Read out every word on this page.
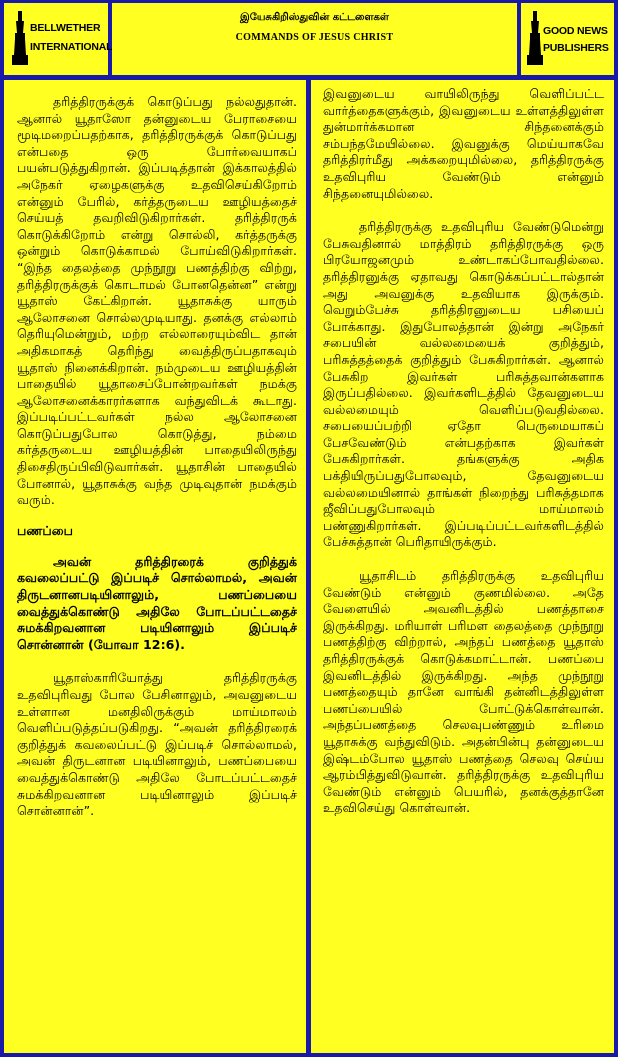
BELLWETHER
INTERNATIONAL
இயேசுகிறிஸ்துவின் கட்டளைகள்
COMMANDS OF JESUS CHRIST
GOOD NEWS
PUBLISHERS

தரித்திரருக்குக் கொடுப்பது நல்லதுதான். ஆனால் யூதாஸோ தன்னுடைய பேராசையை மூடிமறைப்பதற்காக, தரித்திரருக்குக் கொடுப்பது என்பதை ஒரு போர்வையாகப் பயன்படுத்துகிறான். இப்படித்தான் இக்காலத்தில் அநேகர் ஏழைகளுக்கு உதவிசெய்கிறோம் என்னும் பேரில், கர்த்தருடைய ஊழியத்தைச் செய்யத் தவறிவிடுகிறார்கள். தரித்திரருக் கொடுக்கிறோம் என்று சொல்லி, கர்த்தருக்கு ஒன்றும் கொடுக்காமல் போய்விடுகிறார்கள். “இந்த தைலத்தை முந்நூறு பணத்திற்கு விற்று, தரித்திரருக்குக் கொடாமல் போனதென்ன” என்று யூதாஸ் கேட்கிறான். யூதாசுக்கு யாரும் ஆலோசனை சொல்லமுடியாது. தனக்கு எல்லாம் தெரியுமென்றும், மற்ற எல்லாரையும்விட தான் அதிகமாகத் தெரிந்து வைத்திருப்பதாகவும் யூதாஸ் நினைக்கிறான். நம்முடைய ஊழியத்தின் பாதையில் யூதாசைப்போன்றவர்கள் நமக்கு ஆலோசனைக்காரர்களாக வந்துவிடக் கூடாது. இப்படிப்பட்டவர்கள் நல்ல ஆலோசனை கொடுப்பதுபோல கொடுத்து, நம்மை கர்த்தருடைய ஊழியத்தின் பாதையிலிருந்து திசைதிருப்பிவிடுவார்கள். யூதாசின் பாதையில் போனால், யூதாசுக்கு வந்த முடிவுதான் நமக்கும் வரும்.

பணப்பை

அவன் தரித்திரரைக் குறித்துக் கவலைப்பட்டு இப்படிச் சொல்லாமல், அவன் திருடனானபடியினாலும், பணப்பையை வைத்துக்கொண்டு அதிலே போடப்பட்டதைச் சுமக்கிறவனான படியினாலும் இப்படிச் சொன்னான் (யோவா 12:6).

யூதாஸ்காரியோத்து தரித்திரருக்கு உதவிபுரிவது போல பேசினாலும், அவனுடைய உள்ளான மனதிலிருக்கும் மாய்மாலம் வெளிப்படுத்தப்படுகிறது. “அவன் தரித்திரரைக் குறித்துக் கவலைப்பட்டு இப்படிச் சொல்லாமல், அவன் திருடனான படியினாலும், பணப்பையை வைத்துக்கொண்டு அதிலே போடப்பட்டதைச் சுமக்கிறவனான படியினாலும் இப்படிச் சொன்னான்”.

இவனுடைய வாயிலிருந்து வெளிப்பட்ட வார்த்தைகளுக்கும், இவனுடைய உள்ளத்திலுள்ள துன்மார்க்கமான சிந்தனைக்கும் சம்பந்தமேயில்லை. இவனுக்கு மெய்யாகவே தரித்திரர்மீது அக்கறையுமில்லை, தரித்திரருக்கு உதவிபுரிய வேண்டும் என்னும் சிந்தனையுமில்லை.

தரித்திரருக்கு உதவிபுரிய வேண்டுமென்று பேசுவதினால் மாத்திரம் தரித்திரருக்கு ஒரு பிரயோஜனமும் உண்டாகப்போவதில்லை. தரித்திரனுக்கு ஏதாவது கொடுக்கப்பட்டால்தான் அது அவனுக்கு உதவியாக இருக்கும். வெறும்பேச்சு தரித்திரனுடைய பசியைப் போக்காது. இதுபோலத்தான் இன்று அநேகர் சபையின் வல்லமையைக் குறித்தும், பரிசுத்தத்தைக் குறித்தும் பேசுகிறார்கள். ஆனால் பேசுகிற இவர்கள் பரிசுத்தவான்களாக இருப்பதில்லை. இவர்களிடத்தில் தேவனுடைய வல்லமையும் வெளிப்படுவதில்லை. சபையைப்பற்றி ஏதோ பெருமையாகப் பேசவேண்டும் என்பதற்காக இவர்கள் பேசுகிறார்கள். தங்களுக்கு அதிக பக்தியிருப்பதுபோலவும், தேவனுடைய வல்லமையினால் தாங்கள் நிறைந்து பரிசுத்தமாக ஜீவிப்பதுபோலவும் மாய்மாலம் பண்ணுகிறார்கள். இப்படிப்பட்டவர்களிடத்தில் பேச்சுத்தான் பெரிதாயிருக்கும்.

யூதாசிடம் தரித்திரருக்கு உதவிபுரிய வேண்டும் என்னும் குணமில்லை. அதே வேளையில் அவனிடத்தில் பணத்தாசை இருக்கிறது. மரியாள் பரிமள தைலத்தை முந்நூறு பணத்திற்கு விற்றால், அந்தப் பணத்தை யூதாஸ் தரித்திரருக்குக் கொடுக்கமாட்டான். பணப்பை இவனிடத்தில் இருக்கிறது. அந்த முந்நூறு பணத்தையும் தானே வாங்கி தன்னிடத்திலுள்ள பணப்பையில் போட்டுக்கொள்வான். அந்தப்பணத்தை செலவுபண்ணும் உரிமை யூதாசுக்கு வந்துவிடும். அதன்பின்பு தன்னுடைய இஷ்டம்போல யூதாஸ் பணத்தை செலவு செய்ய ஆரம்பித்துவிடுவான். தரித்திரருக்கு உதவிபுரிய வேண்டும் என்னும் பெயரில், தனக்குத்தானே உதவிசெய்து கொள்வான்.
